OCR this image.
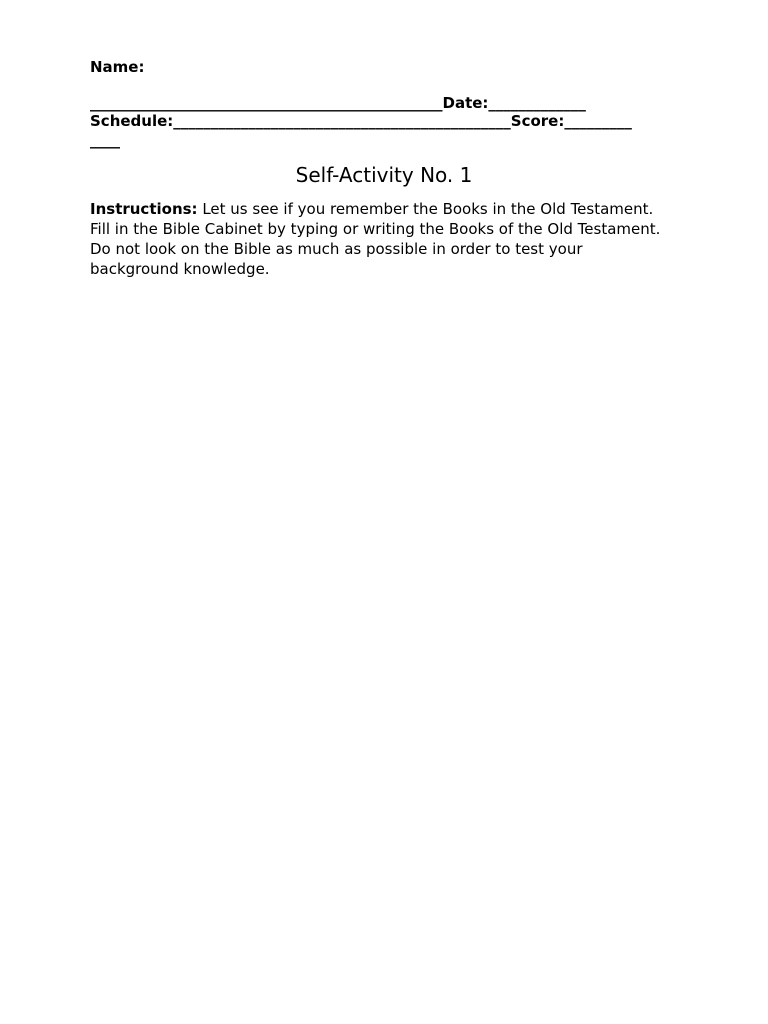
Name:
_______________________________________________Date:_____________
Schedule:_____________________________________________Score:_________
____
Self-Activity No. 1
Instructions: Let us see if you remember the Books in the Old Testament.
Fill in the Bible Cabinet by typing or writing the Books of the Old Testament.
Do not look on the Bible as much as possible in order to test your
background knowledge.
